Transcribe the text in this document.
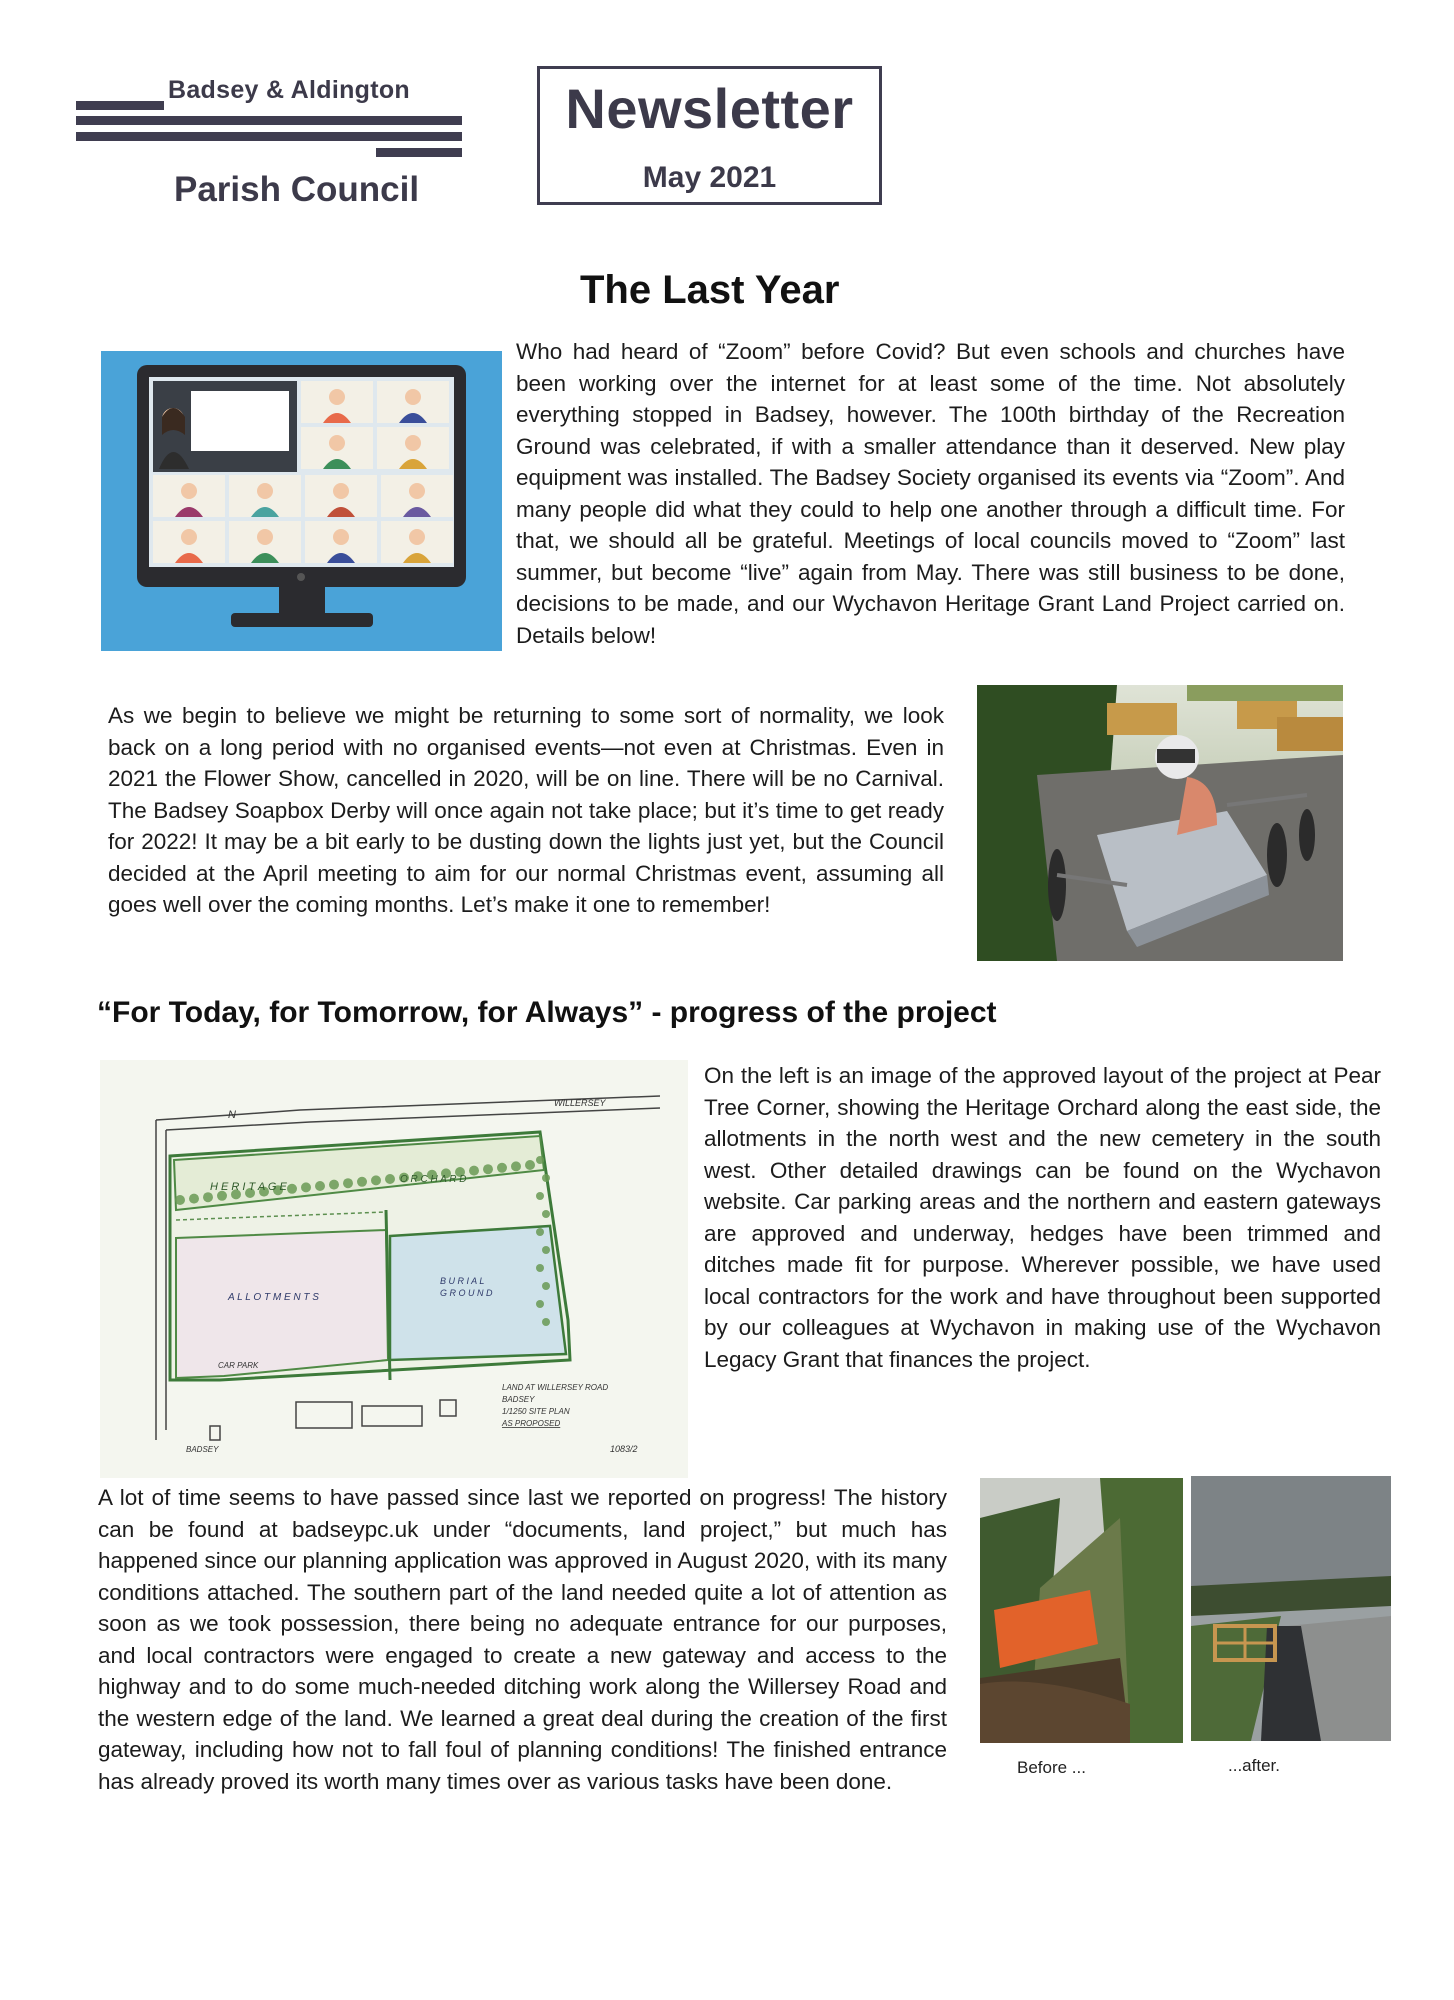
Badsey & Aldington
Parish Council
Newsletter
May 2021
The Last Year
Who had heard of “Zoom” before Covid? But even schools and churches have been working over the internet for at least some of the time. Not absolutely everything stopped in Badsey, however. The 100th birthday of the Recreation Ground was celebrated, if with a smaller attendance than it deserved. New play equipment was installed. The Badsey Society organised its events via “Zoom”. And many people did what they could to help one another through a difficult time. For that, we should all be grateful. Meetings of local councils moved to “Zoom” last summer, but become “live” again from May. There was still business to be done, decisions to be made, and our Wychavon Heritage Grant Land Project carried on. Details below!
As we begin to believe we might be returning to some sort of normality, we look back on a long period with no organised events—not even at Christmas. Even in 2021 the Flower Show, cancelled in 2020, will be on line. There will be no Carnival. The Badsey Soapbox Derby will once again not take place; but it’s time to get ready for 2022! It may be a bit early to be dusting down the lights just yet, but the Council decided at the April meeting to aim for our normal Christmas event, assuming all goes well over the coming months. Let’s make it one to remember!
“For Today, for Tomorrow, for Always” - progress of the project
N
WILLERSEY
H E R I T A G E
O R C H A R D
A L L O T M E N T S
B U R I A L
G R O U N D
CAR PARK
LAND AT WILLERSEY ROAD
BADSEY
1/1250 SITE PLAN
AS PROPOSED
BADSEY	1083/2
On the left is an image of the approved layout of the project at Pear Tree Corner, showing the Heritage Orchard along the east side, the allotments in the north west and the new cemetery in the south west. Other detailed drawings can be found on the Wychavon website. Car parking areas and the northern and eastern gateways are approved and underway, hedges have been trimmed and ditches made fit for purpose. Wherever possible, we have used local contractors for the work and have throughout been supported by our colleagues at Wychavon in making use of the Wychavon Legacy Grant that finances the project.
A lot of time seems to have passed since last we reported on progress! The history can be found at badseypc.uk under “documents, land project,” but much has happened since our planning application was approved in August 2020, with its many conditions attached. The southern part of the land needed quite a lot of attention as soon as we took possession, there being no adequate entrance for our purposes, and local contractors were engaged to create a new gateway and access to the highway and to do some much-needed ditching work along the Willersey Road and the western edge of the land. We learned a great deal during the creation of the first gateway, including how not to fall foul of planning conditions! The finished entrance has already proved its worth many times over as various tasks have been done.
Before ...	...after.
